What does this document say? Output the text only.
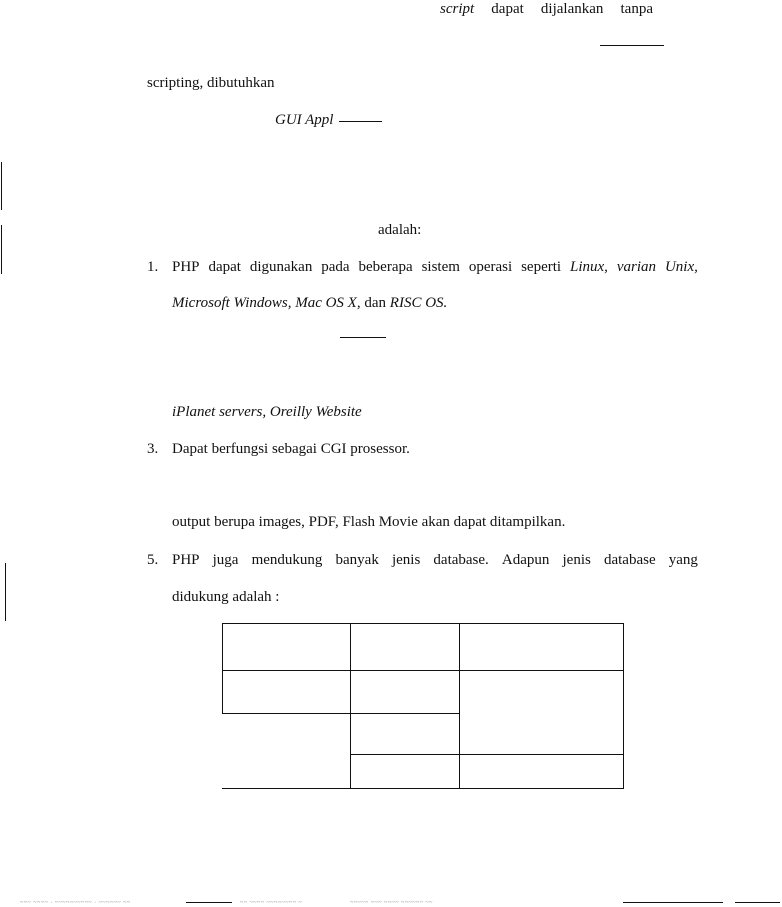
script dapat dijalankan tanpa
scripting, dibutuhkan
GUI Appl
adalah:
1. PHP dapat digunakan pada beberapa sistem operasi seperti Linux, varian Unix,
Microsoft Windows, Mac OS X, dan RISC OS.
iPlanet servers, Oreilly Website
3. Dapat berfungsi sebagai CGI prosessor.
output berupa images, PDF, Flash Movie akan dapat ditampilkan.
5. PHP juga mendukung banyak jenis database. Adapun jenis database yang
didukung adalah :
~~~ ~~~~ · ~~~~~~~~~~ · ~~~~~~ ~~	~~ ~~~~ ~~~~~~~~ ~	~~~~~ ~~~ ~~~~ ~~~~~~ ~~
